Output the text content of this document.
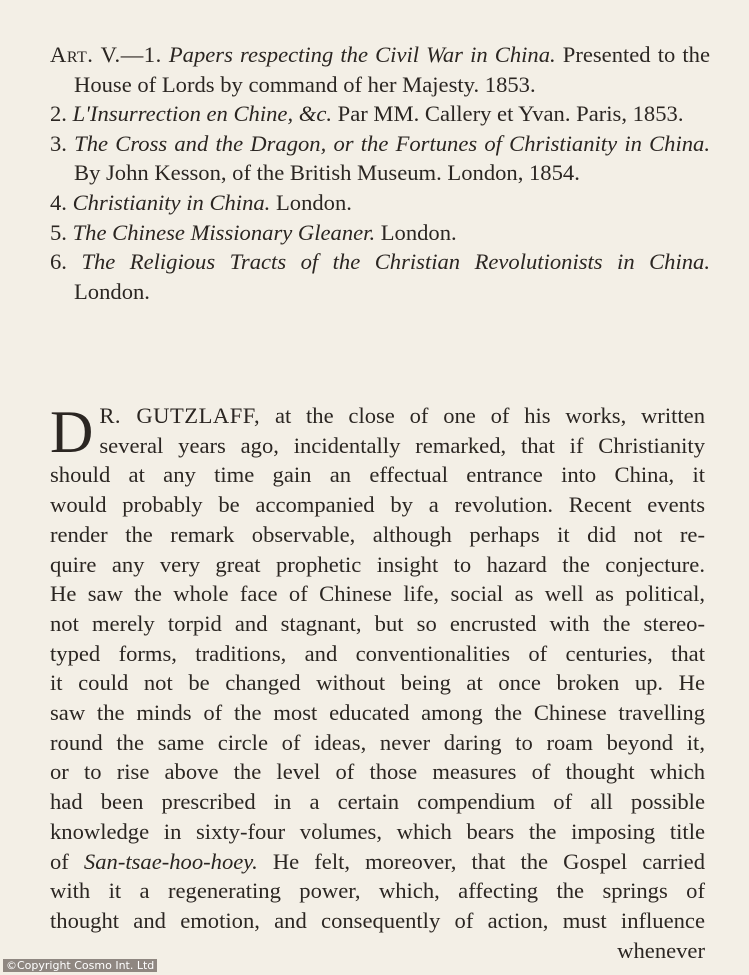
Art. V.—1. Papers respecting the Civil War in China. Presented to the House of Lords by command of her Majesty. 1853.

2. L'Insurrection en Chine, &c. Par MM. Callery et Yvan. Paris, 1853.

3. The Cross and the Dragon, or the Fortunes of Christianity in China. By John Kesson, of the British Museum. London, 1854.

4. Christianity in China. London.

5. The Chinese Missionary Gleaner. London.

6. The Religious Tracts of the Christian Revolutionists in China. London.

D R. GUTZLAFF, at the close of one of his works, written
several years ago, incidentally remarked, that if Christianity
should at any time gain an effectual entrance into China, it
would probably be accompanied by a revolution. Recent events
render the remark observable, although perhaps it did not re-
quire any very great prophetic insight to hazard the conjecture.
He saw the whole face of Chinese life, social as well as political,
not merely torpid and stagnant, but so encrusted with the stereo-
typed forms, traditions, and conventionalities of centuries, that
it could not be changed without being at once broken up. He
saw the minds of the most educated among the Chinese travelling
round the same circle of ideas, never daring to roam beyond it,
or to rise above the level of those measures of thought which
had been prescribed in a certain compendium of all possible
knowledge in sixty-four volumes, which bears the imposing title
of San-tsae-hoo-hoey. He felt, moreover, that the Gospel carried
with it a regenerating power, which, affecting the springs of
thought and emotion, and consequently of action, must influence
whenever
©Copyright Cosmo Int. Ltd
